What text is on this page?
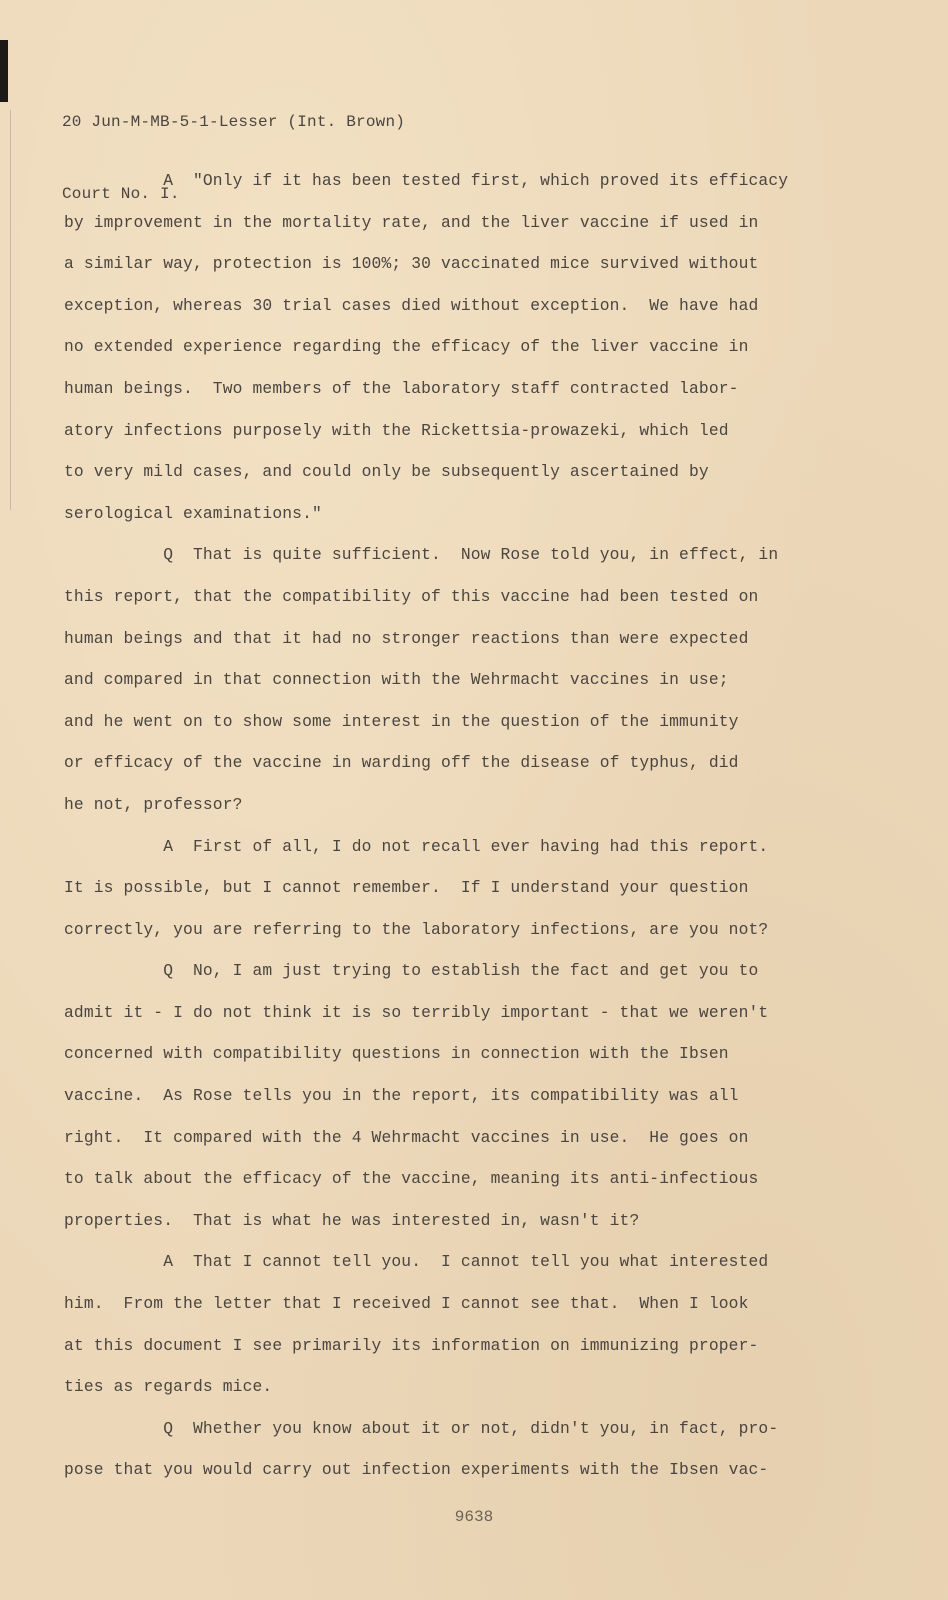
20 Jun-M-MB-5-1-Lesser (Int. Brown)

Court No. I.

A  "Only if it has been tested first, which proved its efficacy
by improvement in the mortality rate, and the liver vaccine if used in
a similar way, protection is 100%; 30 vaccinated mice survived without
exception, whereas 30 trial cases died without exception.  We have had
no extended experience regarding the efficacy of the liver vaccine in
human beings.  Two members of the laboratory staff contracted labor-
atory infections purposely with the Rickettsia-prowazeki, which led
to very mild cases, and could only be subsequently ascertained by
serological examinations."
Q  That is quite sufficient.  Now Rose told you, in effect, in
this report, that the compatibility of this vaccine had been tested on
human beings and that it had no stronger reactions than were expected
and compared in that connection with the Wehrmacht vaccines in use;
and he went on to show some interest in the question of the immunity
or efficacy of the vaccine in warding off the disease of typhus, did
he not, professor?
A  First of all, I do not recall ever having had this report.
It is possible, but I cannot remember.  If I understand your question
correctly, you are referring to the laboratory infections, are you not?
Q  No, I am just trying to establish the fact and get you to
admit it - I do not think it is so terribly important - that we weren't
concerned with compatibility questions in connection with the Ibsen
vaccine.  As Rose tells you in the report, its compatibility was all
right.  It compared with the 4 Wehrmacht vaccines in use.  He goes on
to talk about the efficacy of the vaccine, meaning its anti-infectious
properties.  That is what he was interested in, wasn't it?
A  That I cannot tell you.  I cannot tell you what interested
him.  From the letter that I received I cannot see that.  When I look
at this document I see primarily its information on immunizing proper-
ties as regards mice.
Q  Whether you know about it or not, didn't you, in fact, pro-
pose that you would carry out infection experiments with the Ibsen vac-
9638
